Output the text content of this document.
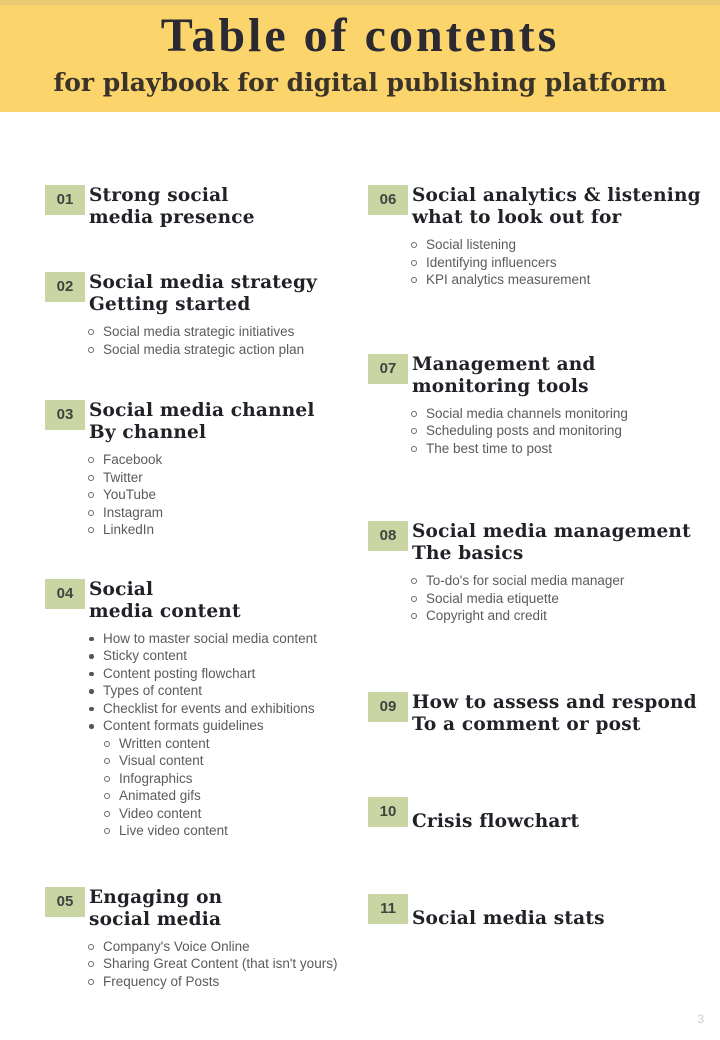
Table of contents
for playbook for digital publishing platform
01 Strong social
media presence
02 Social media strategy
Getting started
Social media strategic initiatives
Social media strategic action plan
03 Social media channel
By channel
Facebook
Twitter
YouTube
Instagram
LinkedIn
04 Social
media content
How to master social media content
Sticky content
Content posting flowchart
Types of content
Checklist for events and exhibitions
Content formats guidelines
Written content
Visual content
Infographics
Animated gifs
Video content
Live video content
05 Engaging on
social media
Company's Voice Online
Sharing Great Content (that isn't yours)
Frequency of Posts
06 Social analytics & listening
what to look out for
Social listening
Identifying influencers
KPI analytics measurement
07 Management and
monitoring tools
Social media channels monitoring
Scheduling posts and monitoring
The best time to post
08 Social media management
The basics
To-do's for social media manager
Social media etiquette
Copyright and credit
09 How to assess and respond
To a comment or post
10 Crisis flowchart
11 Social media stats
3
